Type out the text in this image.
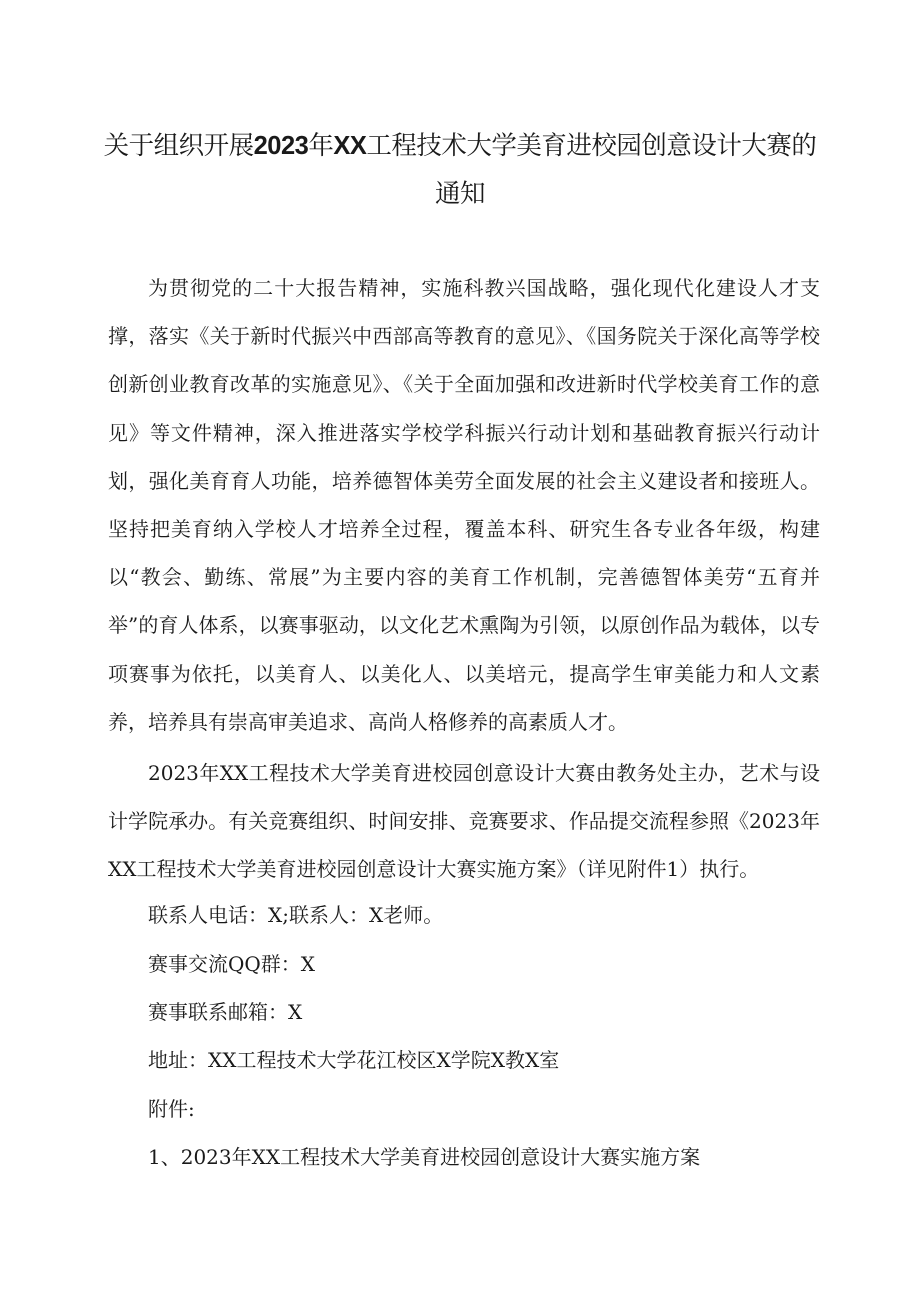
关于组织开展2023年XX工程技术大学美育进校园创意设计大赛的通知

为贯彻党的二十大报告精神，实施科教兴国战略，强化现代化建设人才支撑，落实《关于新时代振兴中西部高等教育的意见》、《国务院关于深化高等学校创新创业教育改革的实施意见》、《关于全面加强和改进新时代学校美育工作的意见》等文件精神，深入推进落实学校学科振兴行动计划和基础教育振兴行动计划，强化美育育人功能，培养德智体美劳全面发展的社会主义建设者和接班人。坚持把美育纳入学校人才培养全过程，覆盖本科、研究生各专业各年级，构建以“教会、勤练、常展”为主要内容的美育工作机制，完善德智体美劳“五育并举”的育人体系，以赛事驱动，以文化艺术熏陶为引领，以原创作品为载体，以专项赛事为依托，以美育人、以美化人、以美培元，提高学生审美能力和人文素养，培养具有崇高审美追求、高尚人格修养的高素质人才。

2023年XX工程技术大学美育进校园创意设计大赛由教务处主办，艺术与设计学院承办。有关竞赛组织、时间安排、竞赛要求、作品提交流程参照《2023年XX工程技术大学美育进校园创意设计大赛实施方案》（详见附件1）执行。

联系人电话：X;联系人：X老师。

赛事交流QQ群：X

赛事联系邮箱：X

地址：XX工程技术大学花江校区X学院X教X室

附件:

1、2023年XX工程技术大学美育进校园创意设计大赛实施方案
